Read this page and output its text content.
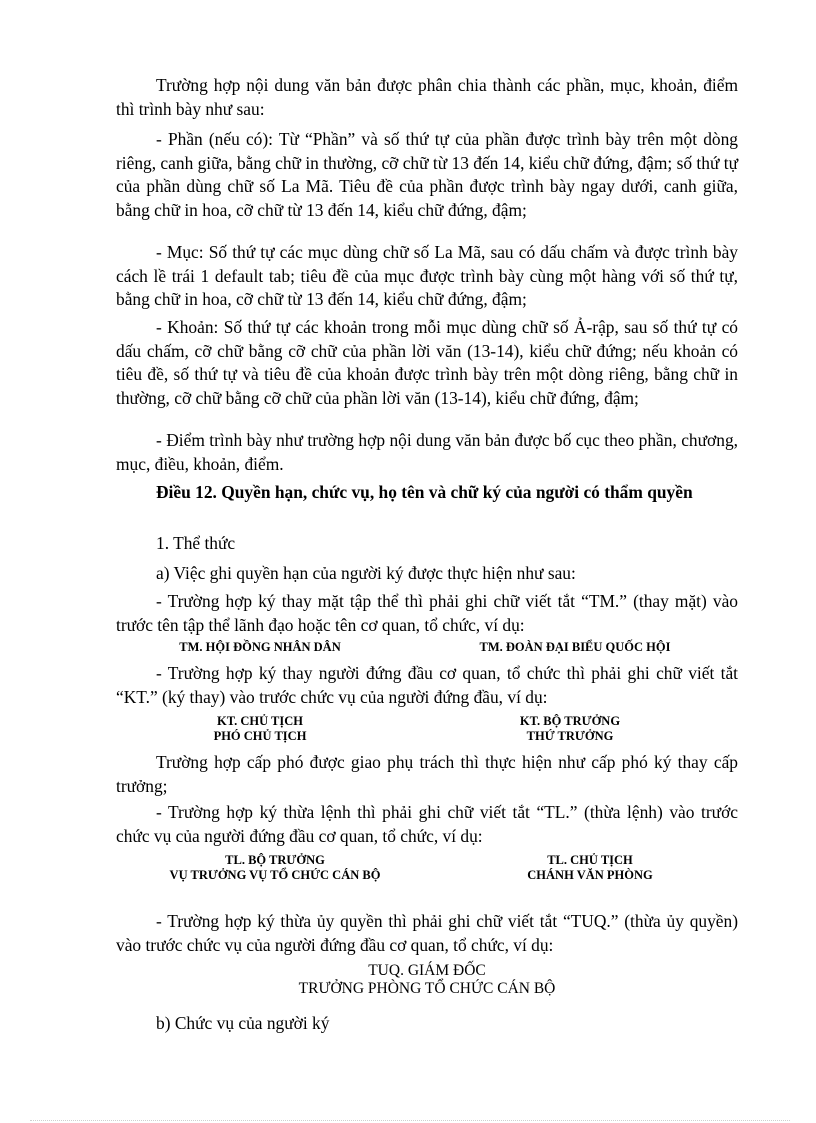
Trường hợp nội dung văn bản được phân chia thành các phần, mục, khoản, điểm thì trình bày như sau:

- Phần (nếu có): Từ “Phần” và số thứ tự của phần được trình bày trên một dòng riêng, canh giữa, bằng chữ in thường, cỡ chữ từ 13 đến 14, kiểu chữ đứng, đậm; số thứ tự của phần dùng chữ số La Mã. Tiêu đề của phần được trình bày ngay dưới, canh giữa, bằng chữ in hoa, cỡ chữ từ 13 đến 14, kiểu chữ đứng, đậm;

- Mục: Số thứ tự các mục dùng chữ số La Mã, sau có dấu chấm và được trình bày cách lề trái 1 default tab; tiêu đề của mục được trình bày cùng một hàng với số thứ tự, bằng chữ in hoa, cỡ chữ từ 13 đến 14, kiểu chữ đứng, đậm;

- Khoản: Số thứ tự các khoản trong mỗi mục dùng chữ số Ả-rập, sau số thứ tự có dấu chấm, cỡ chữ bằng cỡ chữ của phần lời văn (13-14), kiểu chữ đứng; nếu khoản có tiêu đề, số thứ tự và tiêu đề của khoản được trình bày trên một dòng riêng, bằng chữ in thường, cỡ chữ bằng cỡ chữ của phần lời văn (13-14), kiểu chữ đứng, đậm;

- Điểm trình bày như trường hợp nội dung văn bản được bố cục theo phần, chương, mục, điều, khoản, điểm.

Điều 12. Quyền hạn, chức vụ, họ tên và chữ ký của người có thẩm quyền

1. Thể thức

a) Việc ghi quyền hạn của người ký được thực hiện như sau:

- Trường hợp ký thay mặt tập thể thì phải ghi chữ viết tắt “TM.” (thay mặt) vào trước tên tập thể lãnh đạo hoặc tên cơ quan, tổ chức, ví dụ:

TM. HỘI ĐỒNG NHÂN DÂN	TM. ĐOÀN ĐẠI BIỂU QUỐC HỘI

- Trường hợp ký thay người đứng đầu cơ quan, tổ chức thì phải ghi chữ viết tắt “KT.” (ký thay) vào trước chức vụ của người đứng đầu, ví dụ:

KT. CHỦ TỊCH
PHÓ CHỦ TỊCH
KT. BỘ TRƯỞNG
THỨ TRƯỞNG

Trường hợp cấp phó được giao phụ trách thì thực hiện như cấp phó ký thay cấp trưởng;

- Trường hợp ký thừa lệnh thì phải ghi chữ viết tắt “TL.” (thừa lệnh) vào trước chức vụ của người đứng đầu cơ quan, tổ chức, ví dụ:

TL. BỘ TRƯỞNG
VỤ TRƯỞNG VỤ TỔ CHỨC CÁN BỘ
TL. CHỦ TỊCH
CHÁNH VĂN PHÒNG

- Trường hợp ký thừa ủy quyền thì phải ghi chữ viết tắt “TUQ.” (thừa ủy quyền) vào trước chức vụ của người đứng đầu cơ quan, tổ chức, ví dụ:

TUQ. GIÁM ĐỐC
TRƯỞNG PHÒNG TỔ CHỨC CÁN BỘ

b) Chức vụ của người ký
